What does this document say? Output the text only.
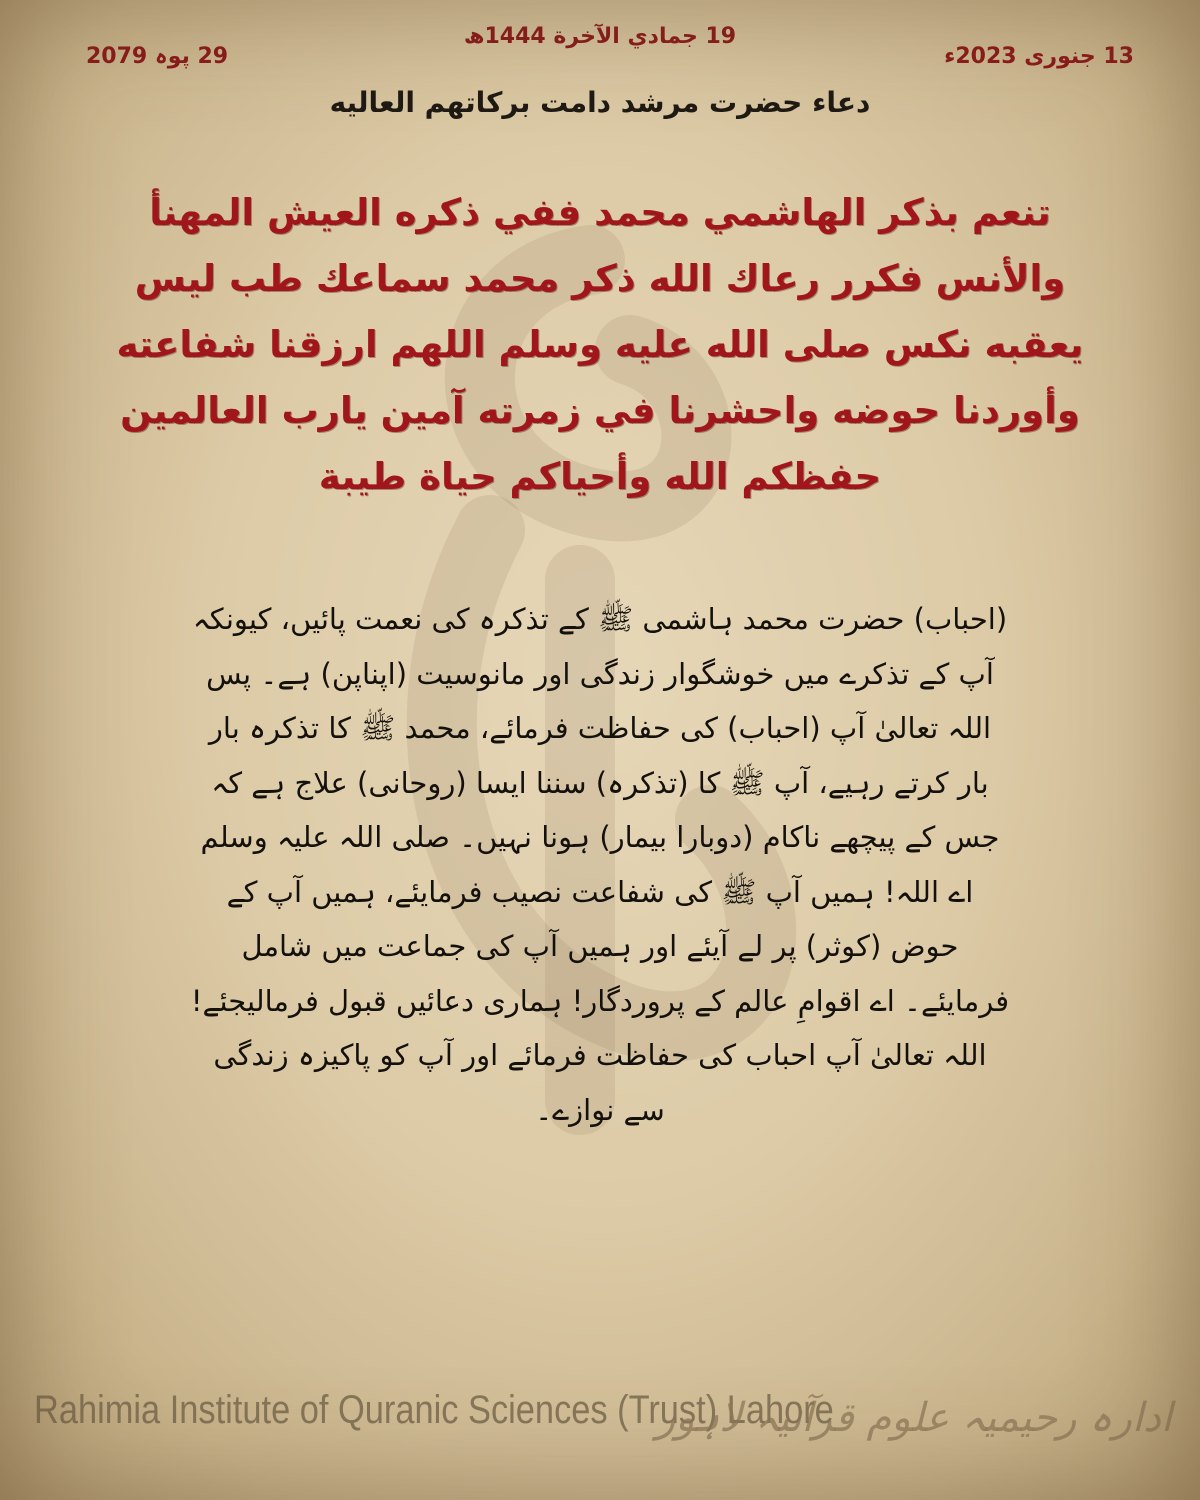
19 جمادي الآخرة 1444ھ
13 جنوری 2023ء
29 پوہ 2079
دعاء حضرت مرشد دامت برکاتهم العالیه
تنعم بذكر الهاشمي محمد ففي ذكره العيش المهنأ والأنس فكرر رعاك الله ذكر محمد سماعك طب ليس يعقبه نكس صلى الله عليه وسلم اللهم ارزقنا شفاعته وأوردنا حوضه واحشرنا في زمرته آمين يارب العالمين حفظكم الله وأحياكم حياة طيبة
(احباب) حضرت محمد ہاشمی ﷺ کے تذکرہ کی نعمت پائیں، کیونکہ آپ کے تذکرے میں خوشگوار زندگی اور مانوسیت (اپناپن) ہے۔ پس اللہ تعالیٰ آپ (احباب) کی حفاظت فرمائے، محمد ﷺ کا تذکرہ بار بار کرتے رہیے، آپ ﷺ کا (تذکرہ) سننا ایسا (روحانی) علاج ہے کہ جس کے پیچھے ناکام (دوبارا بیمار) ہونا نہیں۔ صلی اللہ علیہ وسلم اے اللہ! ہمیں آپ ﷺ کی شفاعت نصیب فرمایئے، ہمیں آپ کے حوض (کوثر) پر لے آیئے اور ہمیں آپ کی جماعت میں شامل فرمایئے۔ اے اقوامِ عالم کے پروردگار! ہماری دعائیں قبول فرمالیجئے! اللہ تعالیٰ آپ احباب کی حفاظت فرمائے اور آپ کو پاکیزہ زندگی سے نوازے۔
Rahimia Institute of Quranic Sciences (Trust) Lahore
ادارہ رحیمیہ علوم قرآنیہ لاہور
